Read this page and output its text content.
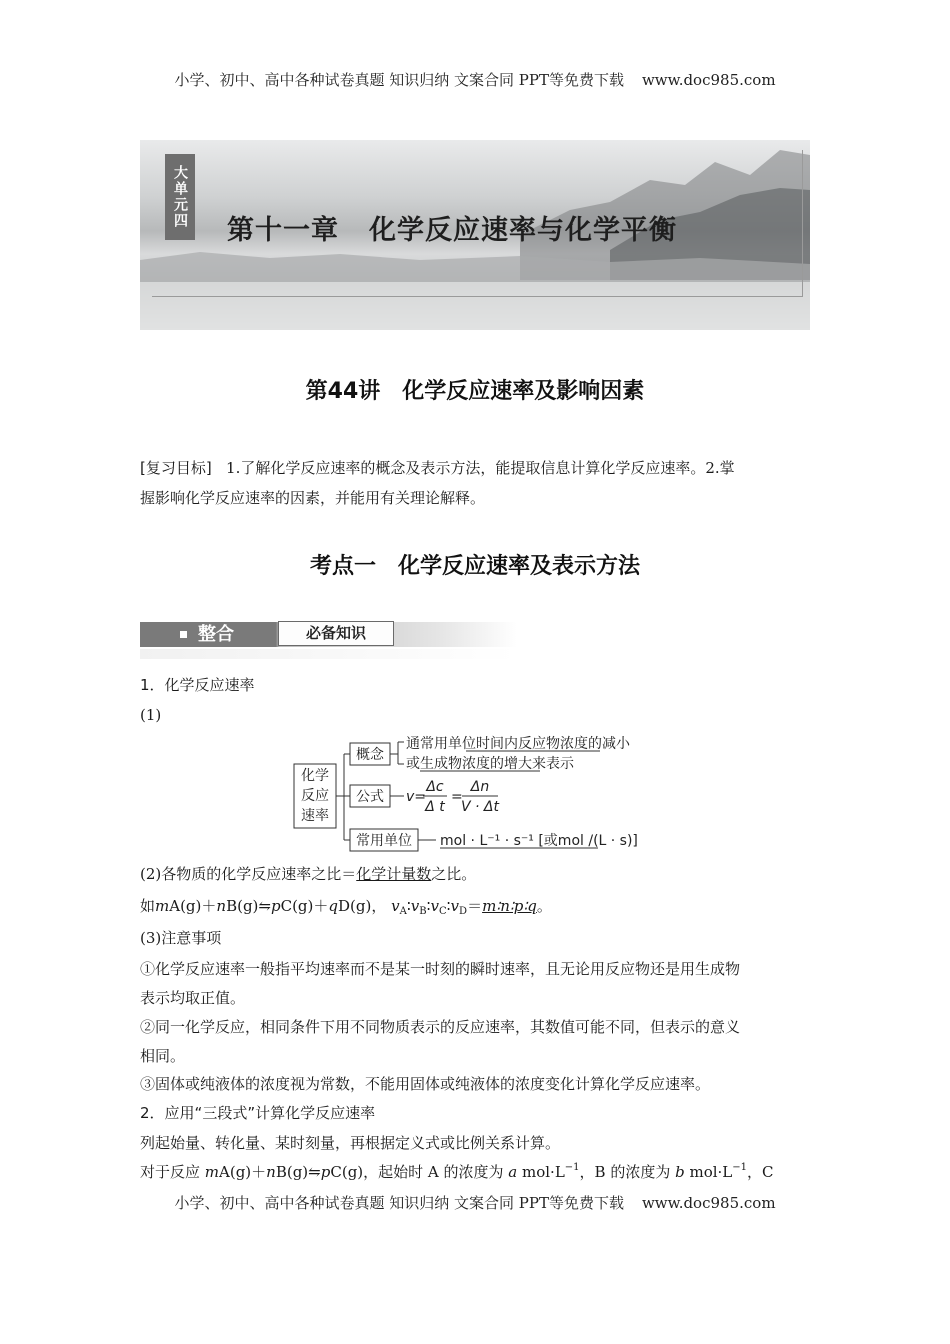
小学、初中、高中各种试卷真题 知识归纳 文案合同 PPT等免费下载 www.doc985.com
大单元四
第十一章 化学反应速率与化学平衡
第44讲 化学反应速率及影响因素
[复习目标] 1.了解化学反应速率的概念及表示方法，能提取信息计算化学反应速率。2.掌
握影响化学反应速率的因素，并能用有关理论解释。
考点一 化学反应速率及表示方法
整合	必备知识
1．化学反应速率
(1)
化学
反应
速率
概念
通常用单位时间内反应物浓度的减小
或生成物浓度的增大来表示
公式 v=
Δc
Δ t
=
Δn
V · Δt
常用单位 mol · L⁻¹ · s⁻¹ [或mol /(L · s)]
(2)各物质的化学反应速率之比＝化学计量数之比。
如mA(g)＋nB(g)⇋pC(g)＋qD(g)， $v_A∶v_B∶v_C∶v_D=m∶n∶p∶q$。
(3)注意事项
①化学反应速率一般指平均速率而不是某一时刻的瞬时速率，且无论用反应物还是用生成物
表示均取正值。
②同一化学反应，相同条件下用不同物质表示的反应速率，其数值可能不同，但表示的意义
相同。
③固体或纯液体的浓度视为常数，不能用固体或纯液体的浓度变化计算化学反应速率。
2．应用“三段式”计算化学反应速率
列起始量、转化量、某时刻量，再根据定义式或比例关系计算。
对于反应 mA(g)＋nB(g)⇋pC(g)，起始时 A 的浓度为 a $mol\cdot L^{-1}$，B 的浓度为 b $mol\cdot L^{-1}$，C
小学、初中、高中各种试卷真题 知识归纳 文案合同 PPT等免费下载 www.doc985.com
